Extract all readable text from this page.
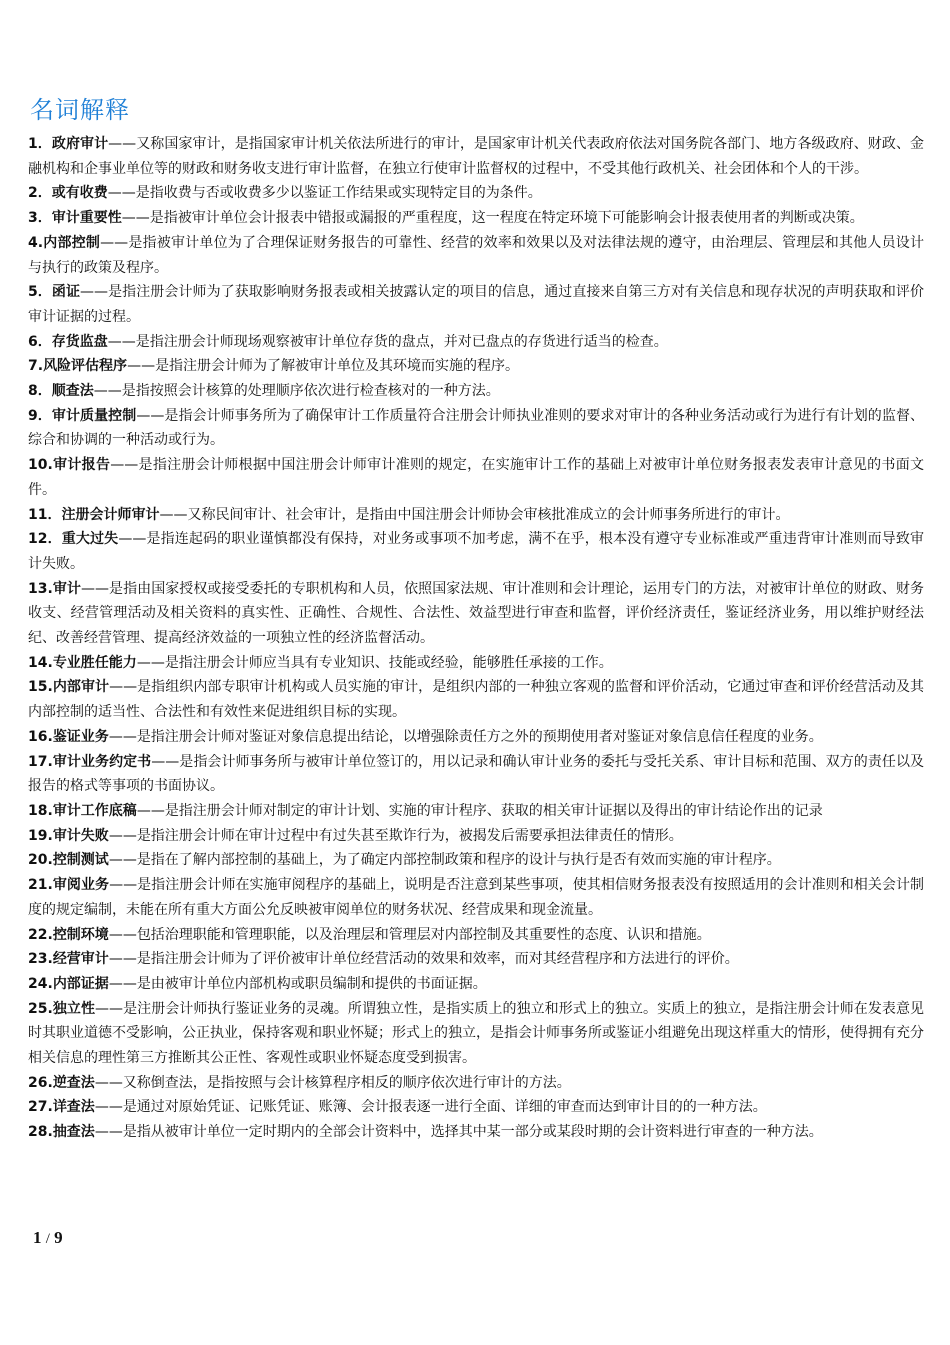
名词解释

1．政府审计——又称国家审计，是指国家审计机关依法所进行的审计，是国家审计机关代表政府依法对国务院各部门、地方各级政府、财政、金融机构和企事业单位等的财政和财务收支进行审计监督，在独立行使审计监督权的过程中，不受其他行政机关、社会团体和个人的干涉。

2．或有收费——是指收费与否或收费多少以鉴证工作结果或实现特定目的为条件。

3．审计重要性——是指被审计单位会计报表中错报或漏报的严重程度，这一程度在特定环境下可能影响会计报表使用者的判断或决策。

4.内部控制——是指被审计单位为了合理保证财务报告的可靠性、经营的效率和效果以及对法律法规的遵守，由治理层、管理层和其他人员设计与执行的政策及程序。

5．函证——是指注册会计师为了获取影响财务报表或相关披露认定的项目的信息，通过直接来自第三方对有关信息和现存状况的声明获取和评价审计证据的过程。

6．存货监盘——是指注册会计师现场观察被审计单位存货的盘点，并对已盘点的存货进行适当的检查。

7.风险评估程序——是指注册会计师为了解被审计单位及其环境而实施的程序。

8．顺查法——是指按照会计核算的处理顺序依次进行检查核对的一种方法。

9．审计质量控制——是指会计师事务所为了确保审计工作质量符合注册会计师执业准则的要求对审计的各种业务活动或行为进行有计划的监督、综合和协调的一种活动或行为。

10.审计报告——是指注册会计师根据中国注册会计师审计准则的规定，在实施审计工作的基础上对被审计单位财务报表发表审计意见的书面文件。

11．注册会计师审计——又称民间审计、社会审计，是指由中国注册会计师协会审核批准成立的会计师事务所进行的审计。

12．重大过失——是指连起码的职业谨慎都没有保持，对业务或事项不加考虑，满不在乎，根本没有遵守专业标准或严重违背审计准则而导致审计失败。

13.审计——是指由国家授权或接受委托的专职机构和人员，依照国家法规、审计准则和会计理论，运用专门的方法，对被审计单位的财政、财务收支、经营管理活动及相关资料的真实性、正确性、合规性、合法性、效益型进行审查和监督，评价经济责任，鉴证经济业务，用以维护财经法纪、改善经营管理、提高经济效益的一项独立性的经济监督活动。

14.专业胜任能力——是指注册会计师应当具有专业知识、技能或经验，能够胜任承接的工作。

15.内部审计——是指组织内部专职审计机构或人员实施的审计，是组织内部的一种独立客观的监督和评价活动，它通过审查和评价经营活动及其内部控制的适当性、合法性和有效性来促进组织目标的实现。

16.鉴证业务——是指注册会计师对鉴证对象信息提出结论，以增强除责任方之外的预期使用者对鉴证对象信息信任程度的业务。

17.审计业务约定书——是指会计师事务所与被审计单位签订的，用以记录和确认审计业务的委托与受托关系、审计目标和范围、双方的责任以及报告的格式等事项的书面协议。

18.审计工作底稿——是指注册会计师对制定的审计计划、实施的审计程序、获取的相关审计证据以及得出的审计结论作出的记录

19.审计失败——是指注册会计师在审计过程中有过失甚至欺诈行为，被揭发后需要承担法律责任的情形。

20.控制测试——是指在了解内部控制的基础上，为了确定内部控制政策和程序的设计与执行是否有效而实施的审计程序。

21.审阅业务——是指注册会计师在实施审阅程序的基础上，说明是否注意到某些事项，使其相信财务报表没有按照适用的会计准则和相关会计制度的规定编制，未能在所有重大方面公允反映被审阅单位的财务状况、经营成果和现金流量。

22.控制环境——包括治理职能和管理职能，以及治理层和管理层对内部控制及其重要性的态度、认识和措施。

23.经营审计——是指注册会计师为了评价被审计单位经营活动的效果和效率，而对其经营程序和方法进行的评价。

24.内部证据——是由被审计单位内部机构或职员编制和提供的书面证据。

25.独立性——是注册会计师执行鉴证业务的灵魂。所谓独立性，是指实质上的独立和形式上的独立。实质上的独立，是指注册会计师在发表意见时其职业道德不受影响，公正执业，保持客观和职业怀疑；形式上的独立，是指会计师事务所或鉴证小组避免出现这样重大的情形，使得拥有充分相关信息的理性第三方推断其公正性、客观性或职业怀疑态度受到损害。

26.逆查法——又称倒查法，是指按照与会计核算程序相反的顺序依次进行审计的方法。

27.详查法——是通过对原始凭证、记账凭证、账簿、会计报表逐一进行全面、详细的审查而达到审计目的的一种方法。

28.抽查法——是指从被审计单位一定时期内的全部会计资料中，选择其中某一部分或某段时期的会计资料进行审查的一种方法。

1 / 9
